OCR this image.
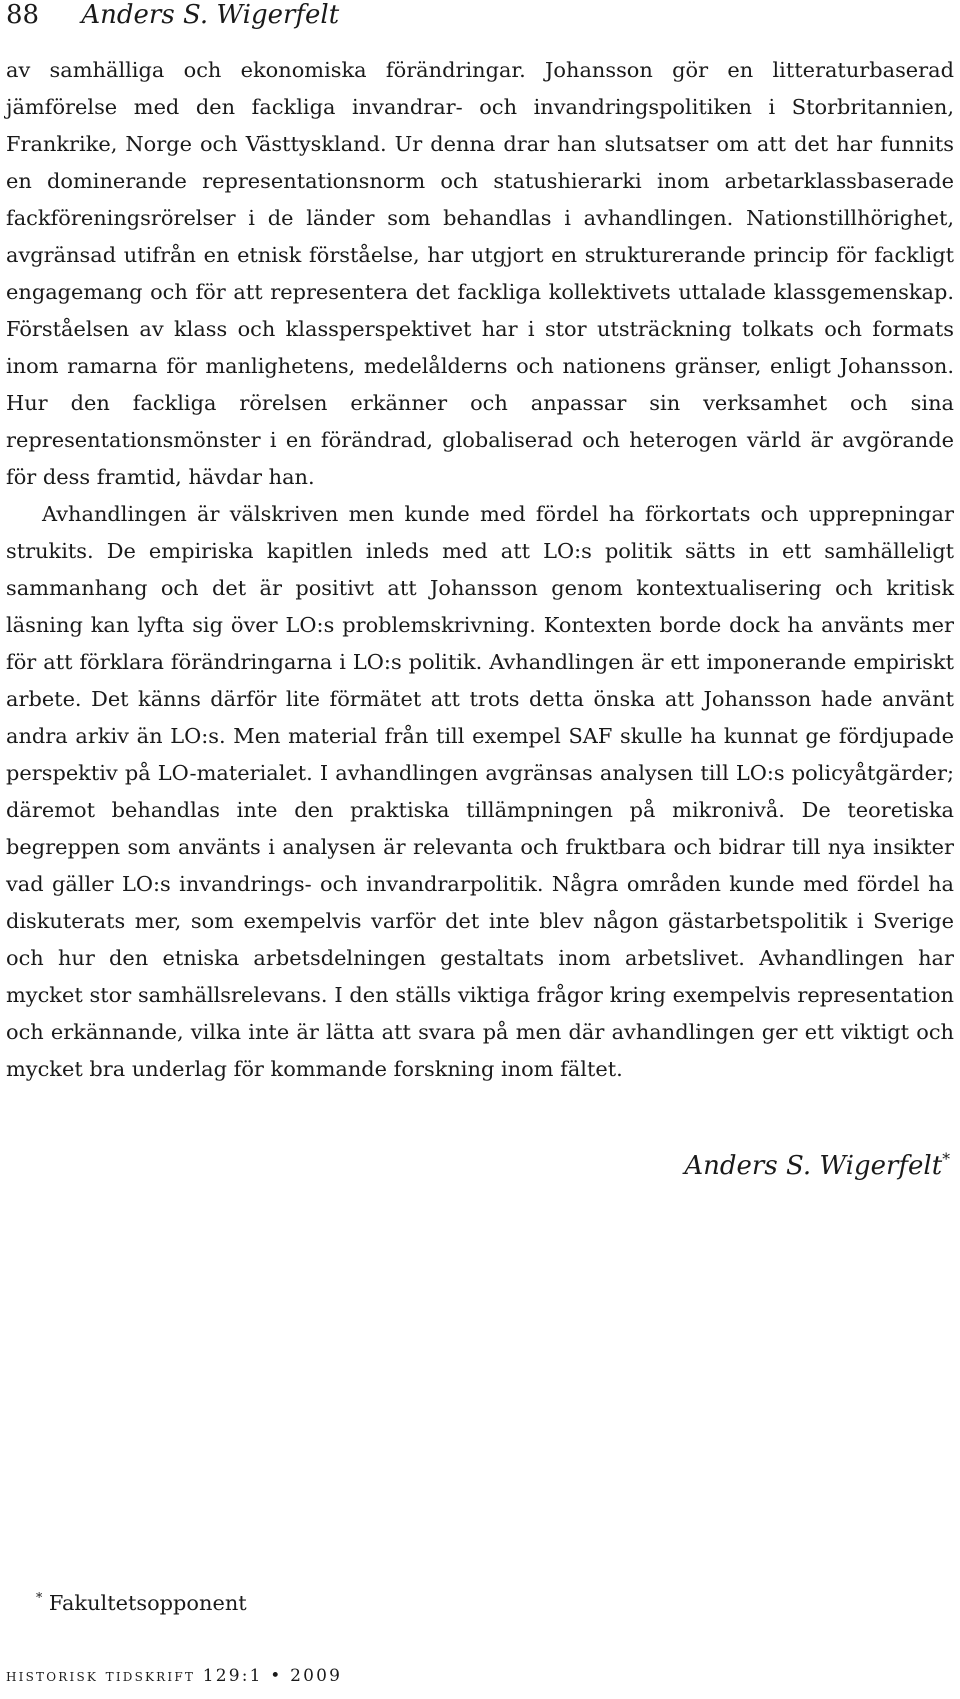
88 Anders S. Wigerfelt

av samhälliga och ekonomiska förändringar. Johansson gör en litteraturbaserad jämförelse med den fackliga invandrar- och invandringspolitiken i Storbritannien, Frankrike, Norge och Västtyskland. Ur denna drar han slutsatser om att det har funnits en dominerande representationsnorm och statushierarki inom arbetarklassbaserade fackföreningsrörelser i de länder som behandlas i avhandlingen. Nationstillhörighet, avgränsad utifrån en etnisk förståelse, har utgjort en strukturerande princip för fackligt engagemang och för att representera det fackliga kollektivets uttalade klassgemenskap. Förståelsen av klass och klassperspektivet har i stor utsträckning tolkats och formats inom ramarna för manlighetens, medelålderns och nationens gränser, enligt Johansson. Hur den fackliga rörelsen erkänner och anpassar sin verksamhet och sina representationsmönster i en förändrad, globaliserad och heterogen värld är avgörande för dess framtid, hävdar han.

Avhandlingen är välskriven men kunde med fördel ha förkortats och upprepningar strukits. De empiriska kapitlen inleds med att LO:s politik sätts in ett samhälleligt sammanhang och det är positivt att Johansson genom kontextualisering och kritisk läsning kan lyfta sig över LO:s problemskrivning. Kontexten borde dock ha använts mer för att förklara förändringarna i LO:s politik. Avhandlingen är ett imponerande empiriskt arbete. Det känns därför lite förmätet att trots detta önska att Johansson hade använt andra arkiv än LO:s. Men material från till exempel SAF skulle ha kunnat ge fördjupade perspektiv på LO-materialet. I avhandlingen avgränsas analysen till LO:s policyåtgärder; däremot behandlas inte den praktiska tillämpningen på mikronivå. De teoretiska begreppen som använts i analysen är relevanta och fruktbara och bidrar till nya insikter vad gäller LO:s invandrings- och invandrarpolitik. Några områden kunde med fördel ha diskuterats mer, som exempelvis varför det inte blev någon gästarbetspolitik i Sverige och hur den etniska arbetsdelningen gestaltats inom arbetslivet. Avhandlingen har mycket stor samhällsrelevans. I den ställs viktiga frågor kring exempelvis representation och erkännande, vilka inte är lätta att svara på men där avhandlingen ger ett viktigt och mycket bra underlag för kommande forskning inom fältet.

Anders S. Wigerfelt*
* Fakultetsopponent
historisk tidskrift 129:1 • 2009
